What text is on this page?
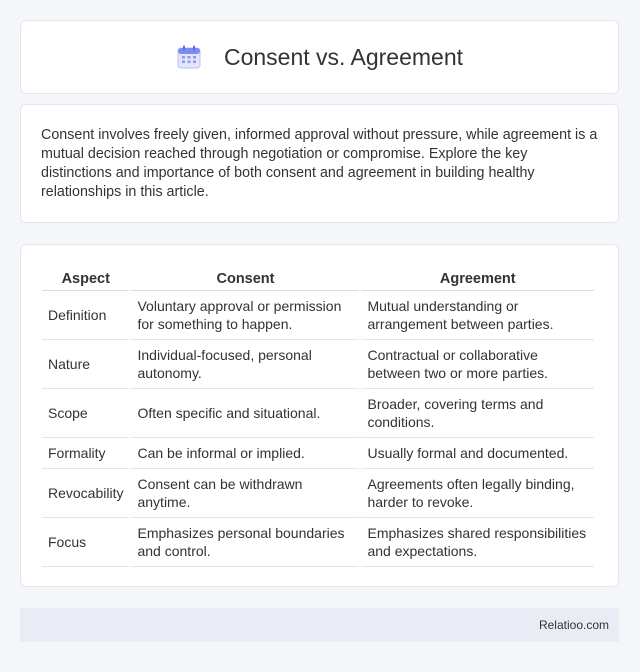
Consent vs. Agreement

Consent involves freely given, informed approval without pressure, while agreement is a mutual decision reached through negotiation or compromise. Explore the key distinctions and importance of both consent and agreement in building healthy relationships in this article.

Aspect	Consent	Agreement
Definition	Voluntary approval or permission for something to happen.	Mutual understanding or arrangement between parties.
Nature	Individual-focused, personal autonomy.	Contractual or collaborative between two or more parties.
Scope	Often specific and situational.	Broader, covering terms and conditions.
Formality	Can be informal or implied.	Usually formal and documented.
Revocability	Consent can be withdrawn anytime.	Agreements often legally binding, harder to revoke.
Focus	Emphasizes personal boundaries and control.	Emphasizes shared responsibilities and expectations.
Relatioo.com
